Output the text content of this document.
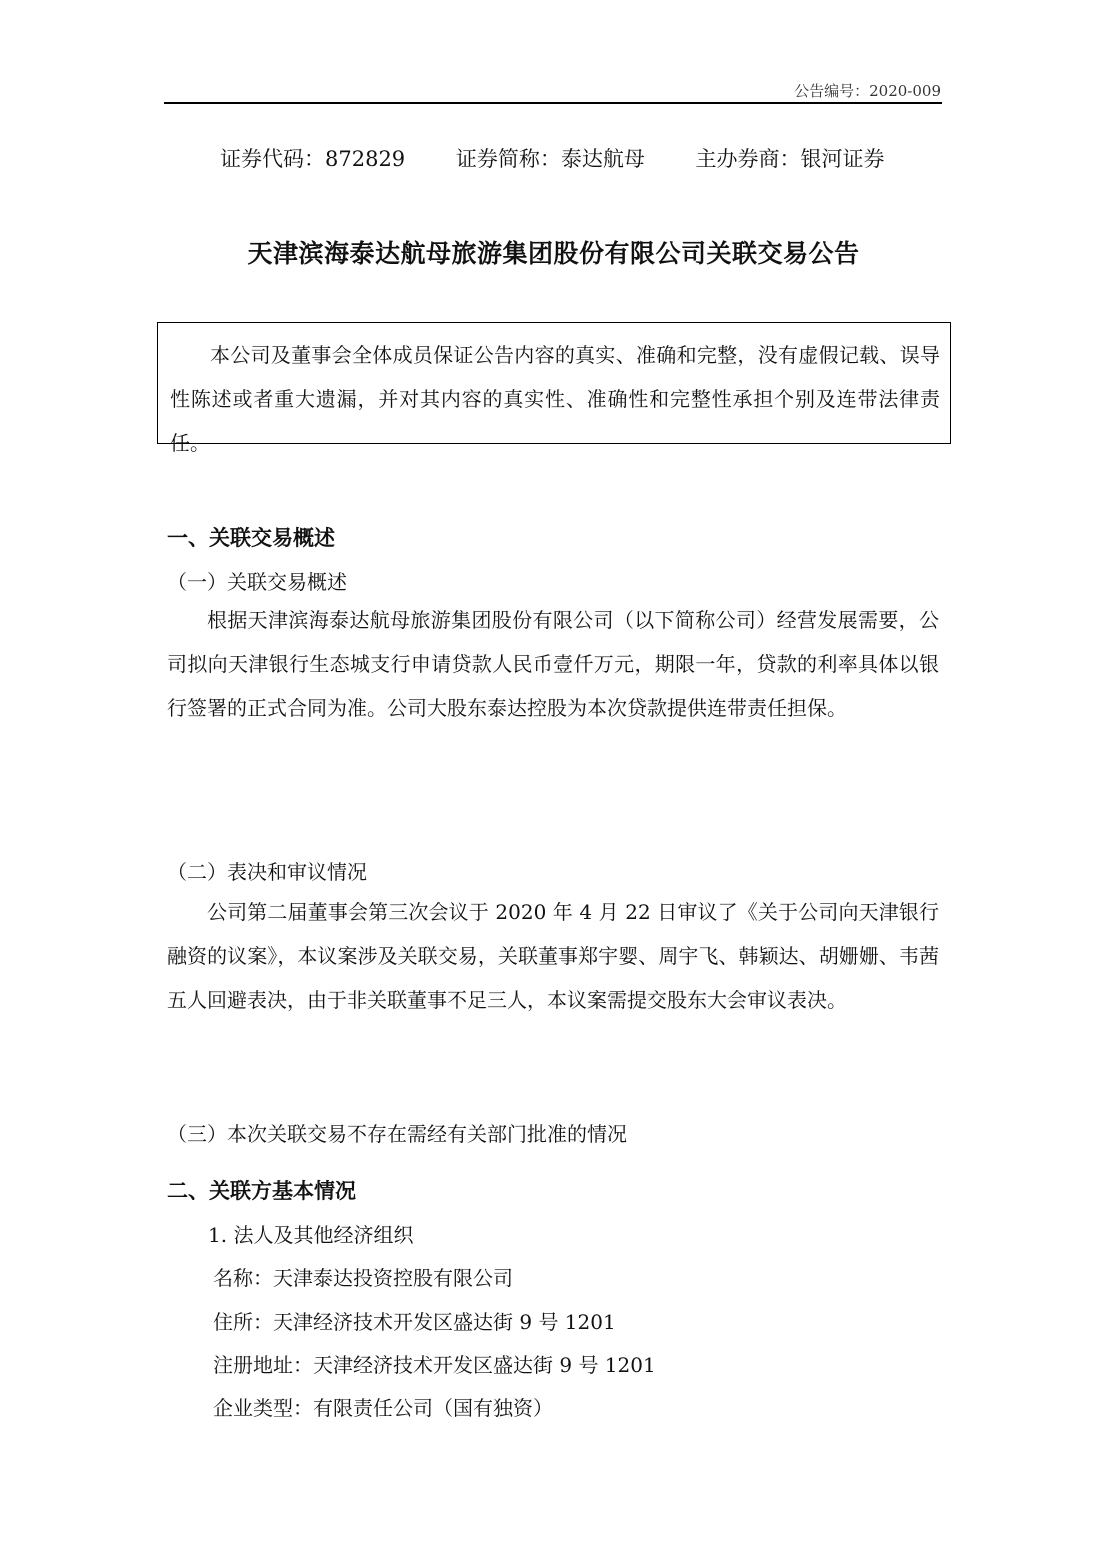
公告编号：2020-009
证券代码：872829 证券简称：泰达航母 主办券商：银河证券
天津滨海泰达航母旅游集团股份有限公司关联交易公告

本公司及董事会全体成员保证公告内容的真实、准确和完整，没有虚假记载、误导性陈述或者重大遗漏，并对其内容的真实性、准确性和完整性承担个别及连带法律责任。

一、关联交易概述

（一）关联交易概述

根据天津滨海泰达航母旅游集团股份有限公司（以下简称公司）经营发展需要，公司拟向天津银行生态城支行申请贷款人民币壹仟万元，期限一年，贷款的利率具体以银行签署的正式合同为准。公司大股东泰达控股为本次贷款提供连带责任担保。

（二）表决和审议情况

公司第二届董事会第三次会议于 2020 年 4 月 22 日审议了《关于公司向天津银行融资的议案》，本议案涉及关联交易，关联董事郑宇婴、周宇飞、韩颖达、胡姗姗、韦茜五人回避表决，由于非关联董事不足三人，本议案需提交股东大会审议表决。

（三）本次关联交易不存在需经有关部门批准的情况

二、关联方基本情况

1. 法人及其他经济组织

名称：天津泰达投资控股有限公司

住所：天津经济技术开发区盛达街 9 号 1201

注册地址：天津经济技术开发区盛达街 9 号 1201

企业类型：有限责任公司（国有独资）
